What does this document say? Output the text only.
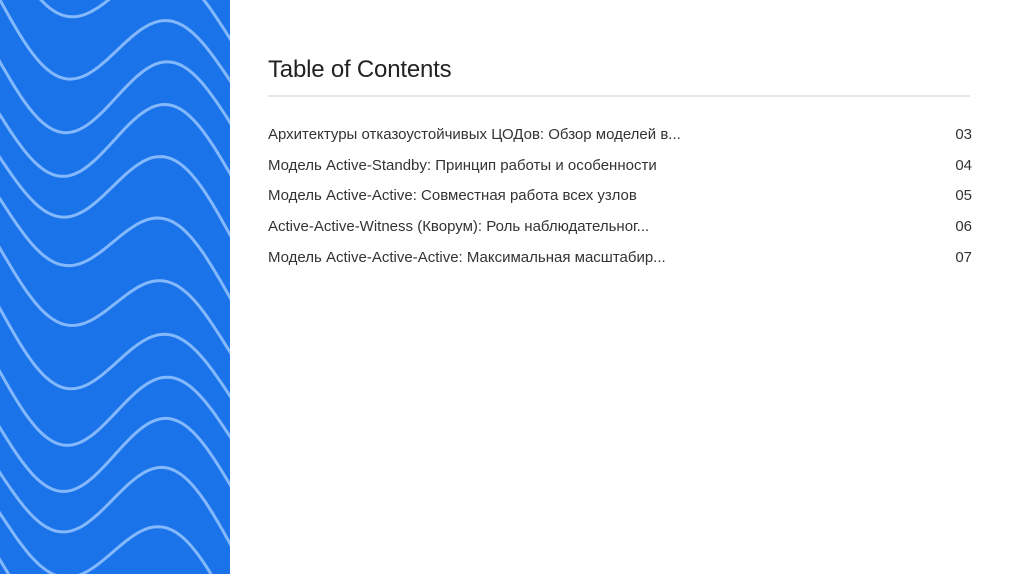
Table of Contents
Архитектуры отказоустойчивых ЦОДов: Обзор моделей в...	03
Модель Active-Standby: Принцип работы и особенности	04
Модель Active-Active: Совместная работа всех узлов	05
Active-Active-Witness (Кворум): Роль наблюдательног...	06
Модель Active-Active-Active: Максимальная масштабир...	07
